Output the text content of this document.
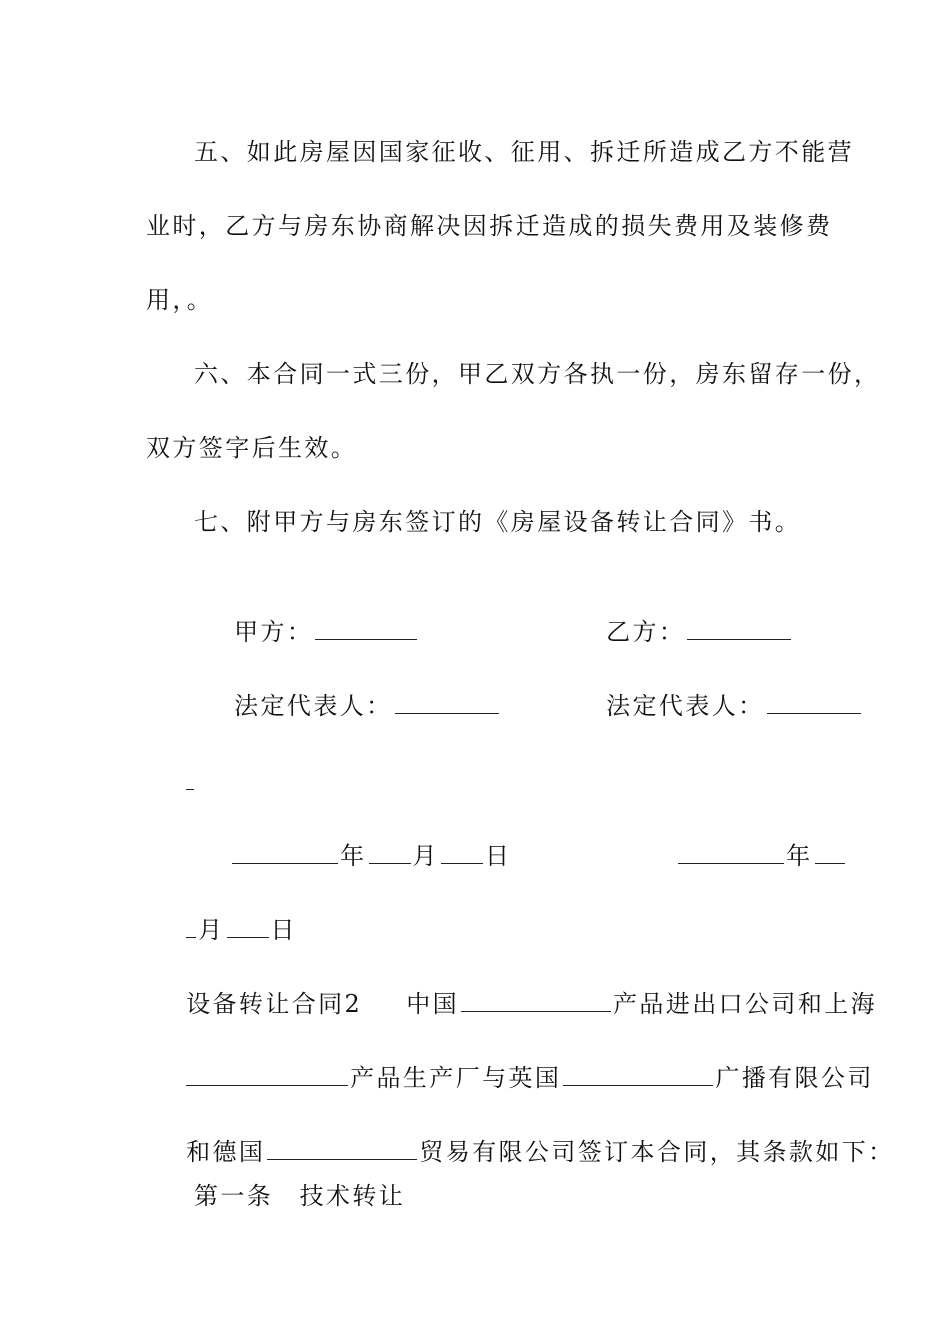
五、如此房屋因国家征收、征用、拆迁所造成乙方不能营
业时，乙方与房东协商解决因拆迁造成的损失费用及装修费
用，。
六、本合同一式三份，甲乙双方各执一份，房东留存一份，
双方签字后生效。
七、附甲方与房东签订的《房屋设备转让合同》书。

甲方：
	乙方：

法定代表人：
	法定代表人：

年 月 日
	年

月 日

设备转让合同2 中国	产品进出口公司和上海

产品生产厂与英国	广播有限公司

和德国	贸易有限公司签订本合同，其条款如下：

第一条　技术转让
